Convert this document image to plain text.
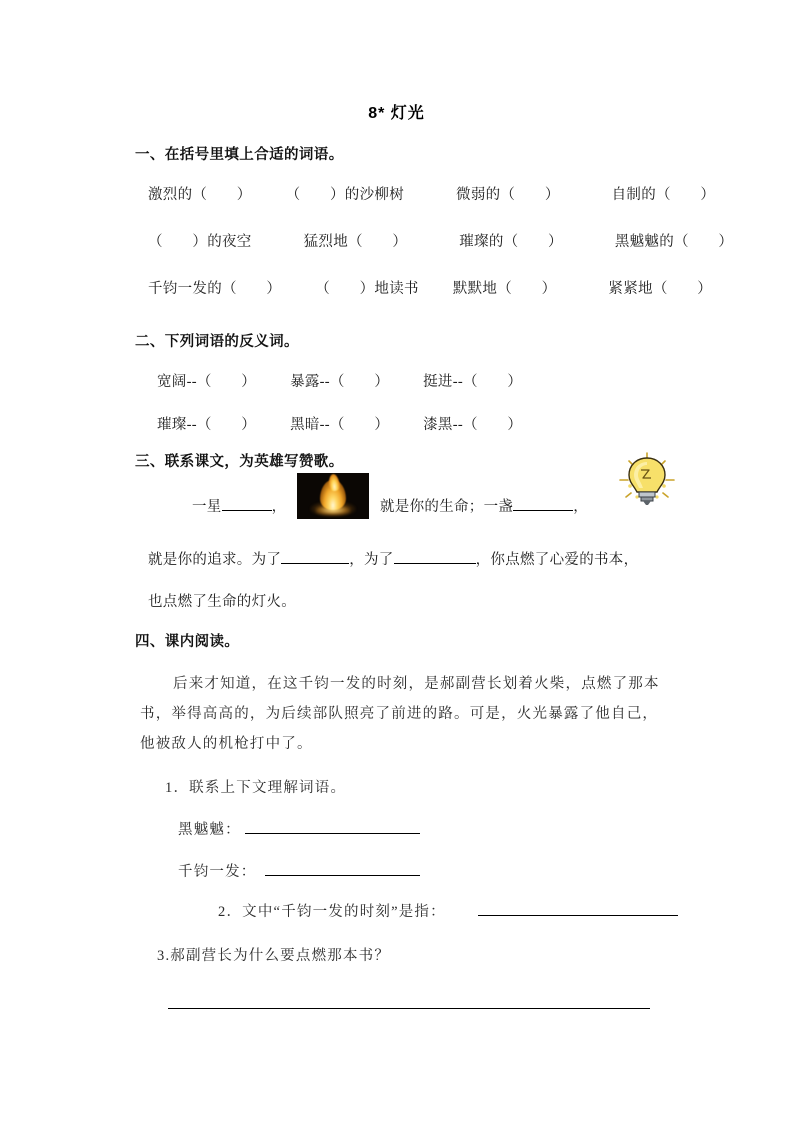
8* 灯光
一、在括号里填上合适的词语。
激烈的（　　） （　　）的沙柳树	微弱的（　　）	自制的（　　）
（　　）的夜空	猛烈地（　　）	璀璨的（　　）	黑魆魆的（　　）
千钧一发的（　　） （　　）地读书 默默地（　　）	紧紧地（　　）
二、下列词语的反义词。
宽阔--（　　） 暴露--（　　） 挺进--（　　）
璀璨--（　　） 黑暗--（　　） 漆黑--（　　）
三、联系课文，为英雄写赞歌。
一星	，	就是你的生命；一盏	，
就是你的追求。为了	，为了	，你点燃了心爱的书本，
也点燃了生命的灯火。
四、课内阅读。
后来才知道，在这千钧一发的时刻，是郝副营长划着火柴，点燃了那本
书，举得高高的，为后续部队照亮了前进的路。可是，火光暴露了他自己，
他被敌人的机枪打中了。
1．联系上下文理解词语。
黑魆魆：
千钧一发：
2．文中“千钧一发的时刻”是指：
3.郝副营长为什么要点燃那本书？
